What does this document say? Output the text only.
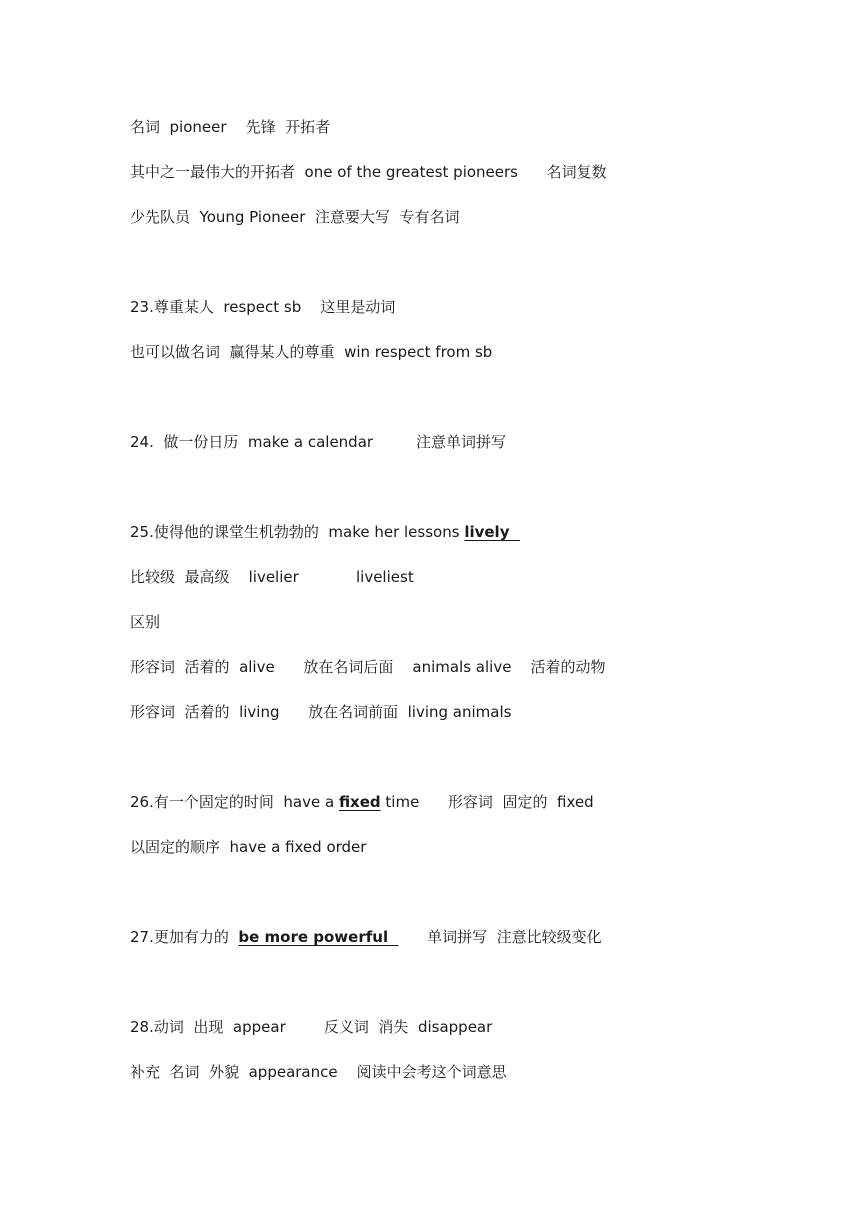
名词  pioneer    先锋  开拓者
其中之一最伟大的开拓者  one of the greatest pioneers      名词复数
少先队员  Young Pioneer  注意要大写  专有名词
23.尊重某人  respect sb    这里是动词
也可以做名词  赢得某人的尊重  win respect from sb
24.  做一份日历  make a calendar         注意单词拼写
25.使得他的课堂生机勃勃的  make her lessons lively
比较级  最高级    livelier            liveliest
区别
形容词  活着的  alive      放在名词后面    animals alive    活着的动物
形容词  活着的  living      放在名词前面  living animals
26.有一个固定的时间  have a fixed time      形容词  固定的  fixed
以固定的顺序  have a fixed order
27.更加有力的  be more powerful        单词拼写  注意比较级变化
28.动词  出现  appear        反义词  消失  disappear
补充  名词  外貌  appearance    阅读中会考这个词意思
